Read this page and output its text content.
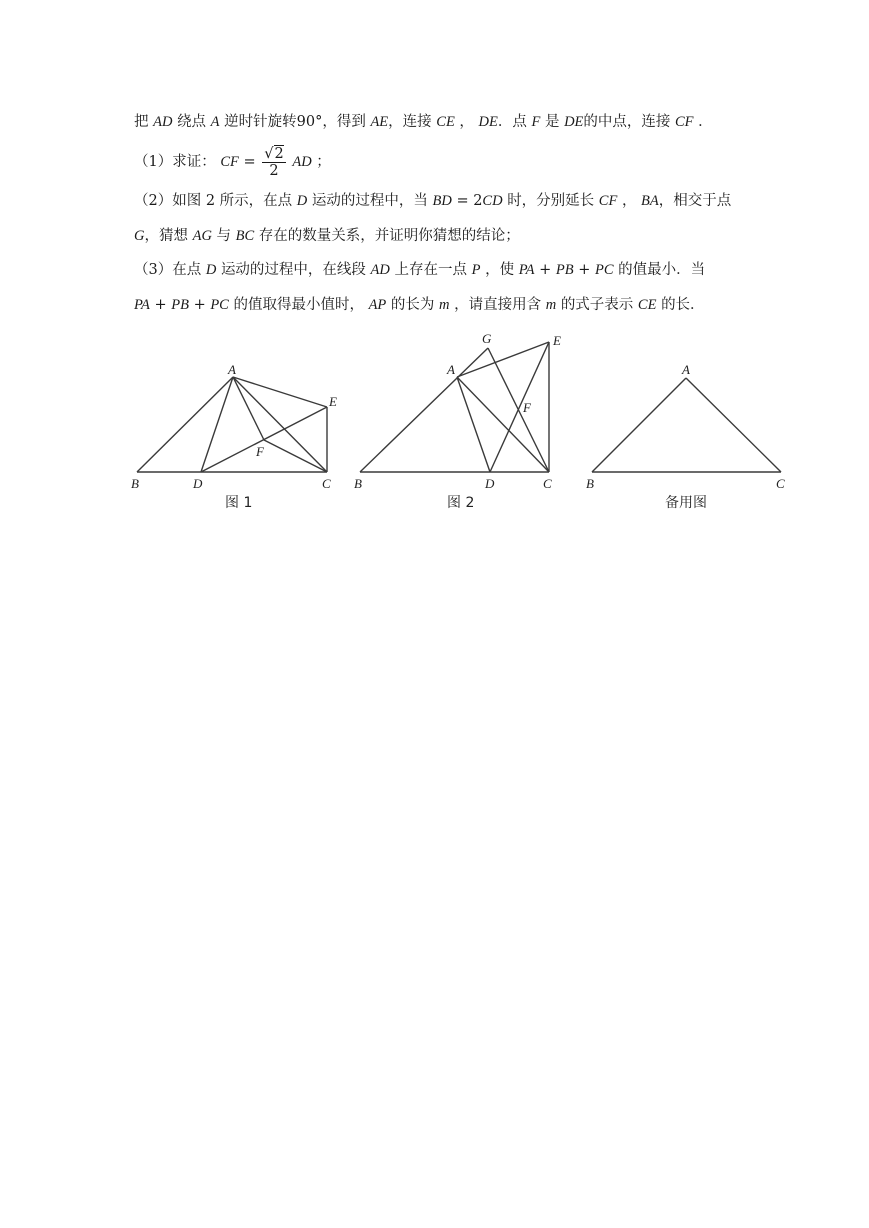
把 AD 绕点 A 逆时针旋转90°，得到 AE，连接 CE ， DE．点 F 是 DE的中点，连接 CF ．
（1）求证： CF = $\frac{√2}{2}$ AD ；
（2）如图 2 所示，在点 D 运动的过程中，当 BD = 2CD 时，分别延长 CF ， BA，相交于点
G，猜想 AG 与 BC 存在的数量关系，并证明你猜想的结论；
（3）在点 D 运动的过程中，在线段 AD 上存在一点 P ，使 PA + PB + PC 的值最小．当
PA + PB + PC 的值取得最小值时， AP 的长为 m ，请直接用含 m 的式子表示 CE 的长．
A
B	C
D
E
F
图 1
G
A
B	C
D
E
F
图 2
A
B	C
备用图
